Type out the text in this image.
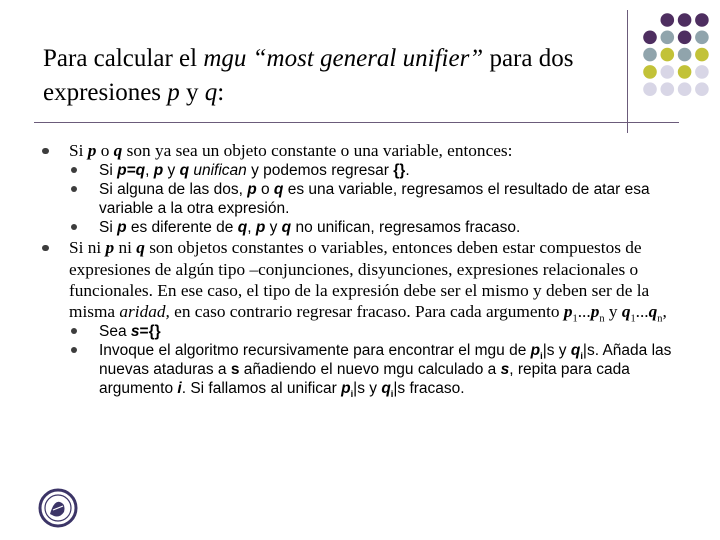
Para calcular el mgu “most general unifier” para dos expresiones p y q:
Si p o q son ya sea un objeto constante o una variable, entonces:
Si p=q, p y q unifican y podemos regresar {}.
Si alguna de las dos, p o q es una variable, regresamos el resultado de atar esa variable a la otra expresión.
Si p es diferente de q, p y q no unifican, regresamos fracaso.
Si ni p ni q son objetos constantes o variables, entonces deben estar compuestos de expresiones de algún tipo –conjunciones, disyunciones, expresiones relacionales o funcionales. En ese caso, el tipo de la expresión debe ser el mismo y deben ser de la misma aridad, en caso contrario regresar fracaso. Para cada argumento $p_1...p_n$ y $q_1...q_n$,
Sea s={}
Invoque el algoritmo recursivamente para encontrar el mgu de $p_i|s$ y $q_i|s$. Añada las nuevas ataduras a s añadiendo el nuevo mgu calculado a s, repita para cada argumento i. Si fallamos al unificar $p_i|s$ y $q_i|s$ fracaso.
